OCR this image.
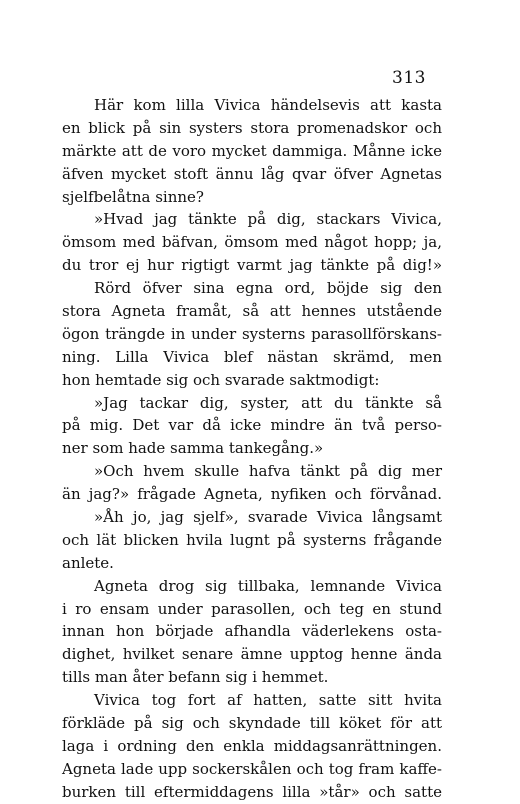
313
Här kom lilla Vivica händelsevis att kasta
en blick på sin systers stora promenadskor och
märkte att de voro mycket dammiga. Månne icke
äfven mycket stoft ännu låg qvar öfver Agnetas
sjelfbelåtna sinne?
»Hvad jag tänkte på dig, stackars Vivica,
ömsom med bäfvan, ömsom med något hopp; ja,
du tror ej hur rigtigt varmt jag tänkte på dig!»
Rörd öfver sina egna ord, böjde sig den
stora Agneta framåt, så att hennes utstående
ögon trängde in under systerns parasollförskans-
ning. Lilla Vivica blef nästan skrämd, men
hon hemtade sig och svarade saktmodigt:
»Jag tackar dig, syster, att du tänkte så
på mig. Det var då icke mindre än två perso-
ner som hade samma tankegång.»
»Och hvem skulle hafva tänkt på dig mer
än jag?» frågade Agneta, nyfiken och förvånad.
»Åh jo, jag sjelf», svarade Vivica långsamt
och lät blicken hvila lugnt på systerns frågande
anlete.
Agneta drog sig tillbaka, lemnande Vivica
i ro ensam under parasollen, och teg en stund
innan hon började afhandla väderlekens osta-
dighet, hvilket senare ämne upptog henne ända
tills man åter befann sig i hemmet.
Vivica tog fort af hatten, satte sitt hvita
förkläde på sig och skyndade till köket för att
laga i ordning den enkla middagsanrättningen.
Agneta lade upp sockerskålen och tog fram kaffe-
burken till eftermiddagens lilla »tår» och satte
